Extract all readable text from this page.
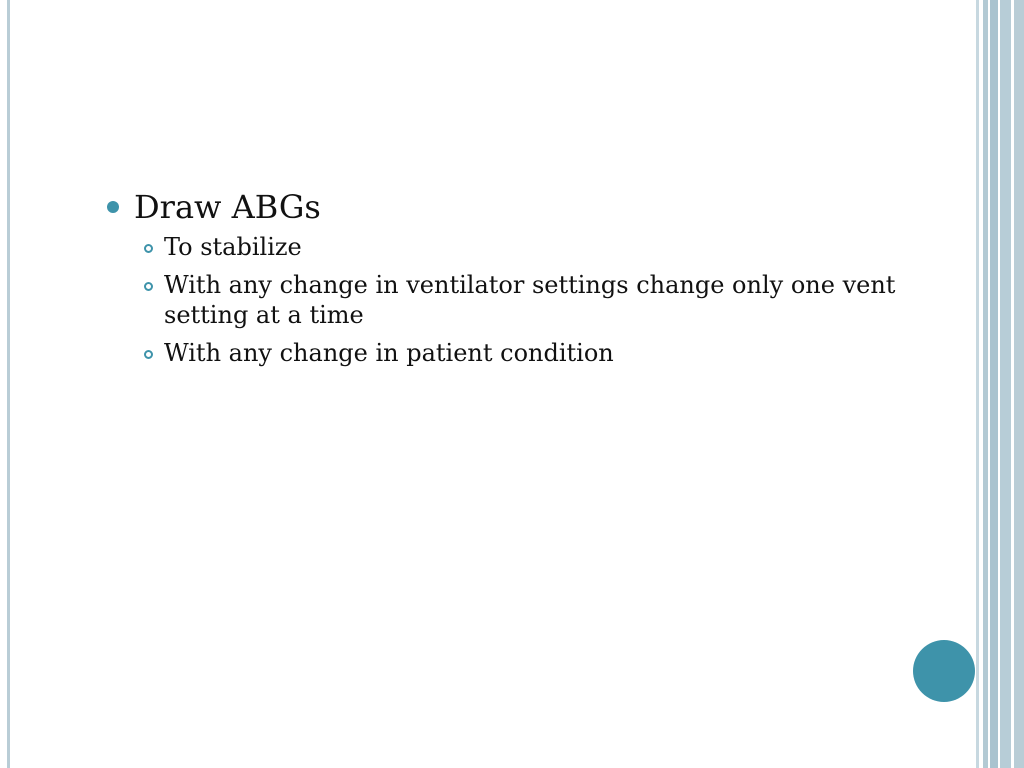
Draw ABGs
To stabilize
With any change in ventilator settings change only one vent
setting at a time
With any change in patient condition
